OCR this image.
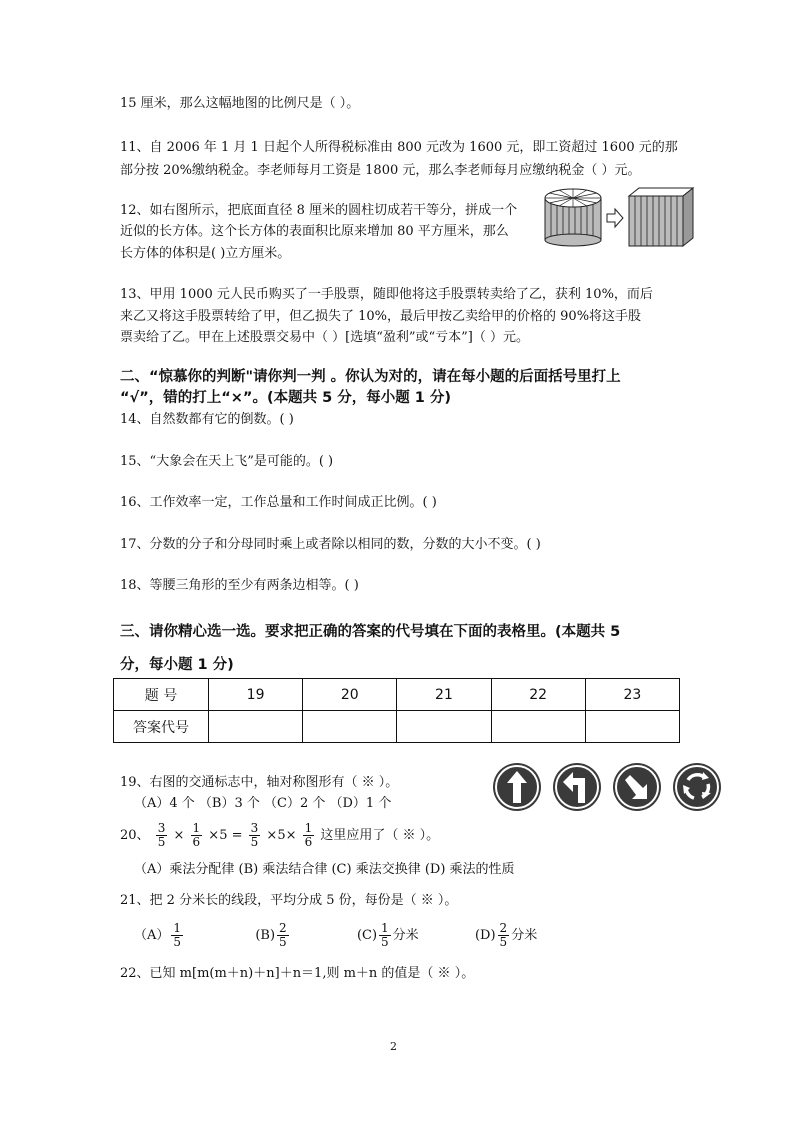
15 厘米，那么这幅地图的比例尺是（ ）。
11、自 2006 年 1 月 1 日起个人所得税标准由 800 元改为 1600 元，即工资超过 1600 元的那
部分按 20%缴纳税金。李老师每月工资是 1800 元，那么李老师每月应缴纳税金（ ）元。
12、如右图所示，把底面直径 8 厘米的圆柱切成若干等分，拼成一个
近似的长方体。这个长方体的表面积比原来增加 80 平方厘米，那么
长方体的体积是( )立方厘米。
13、甲用 1000 元人民币购买了一手股票，随即他将这手股票转卖给了乙，获利 10%，而后
来乙又将这手股票转给了甲，但乙损失了 10%，最后甲按乙卖给甲的价格的 90%将这手股
票卖给了乙。甲在上述股票交易中（ ）[选填“盈利”或“亏本”]（ ）元。
二、“惊慕你的判断"请你判一判 。你认为对的，请在每小题的后面括号里打上
“√”，错的打上“×”。(本题共 5 分，每小题 1 分)
14、自然数都有它的倒数。( )
15、“大象会在天上飞”是可能的。( )
16、工作效率一定，工作总量和工作时间成正比例。( )
17、分数的分子和分母同时乘上或者除以相同的数，分数的大小不变。( )
18、等腰三角形的至少有两条边相等。( )
三、请你精心选一选。要求把正确的答案的代号填在下面的表格里。(本题共 5
分，每小题 1 分)
题 号	19	20	21	22	23
答案代号					
19、右图的交通标志中，轴对称图形有（ ※ ）。
（A）4 个 （B）3 个 （C）2 个 （D）1 个
20、 $\frac{3}{5} \times \frac{1}{6} \times 5 = \frac{3}{5} \times 5\times \frac{1}{6}$ 这里应用了（ ※ ）。
（A）乘法分配律 (B) 乘法结合律 (C) 乘法交换律 (D) 乘法的性质
21、把 2 分米长的线段，平均分成 5 份，每份是（ ※ ）。
$(A) \frac{1}{5}$	$(B) \frac{2}{5}$	$(C) \frac{1}{5}$ 分米	$(D) \frac{2}{5}$ 分米
22、已知 m[m(m＋n)＋n]＋n＝1,则 m＋n 的值是（ ※ ）。
2
